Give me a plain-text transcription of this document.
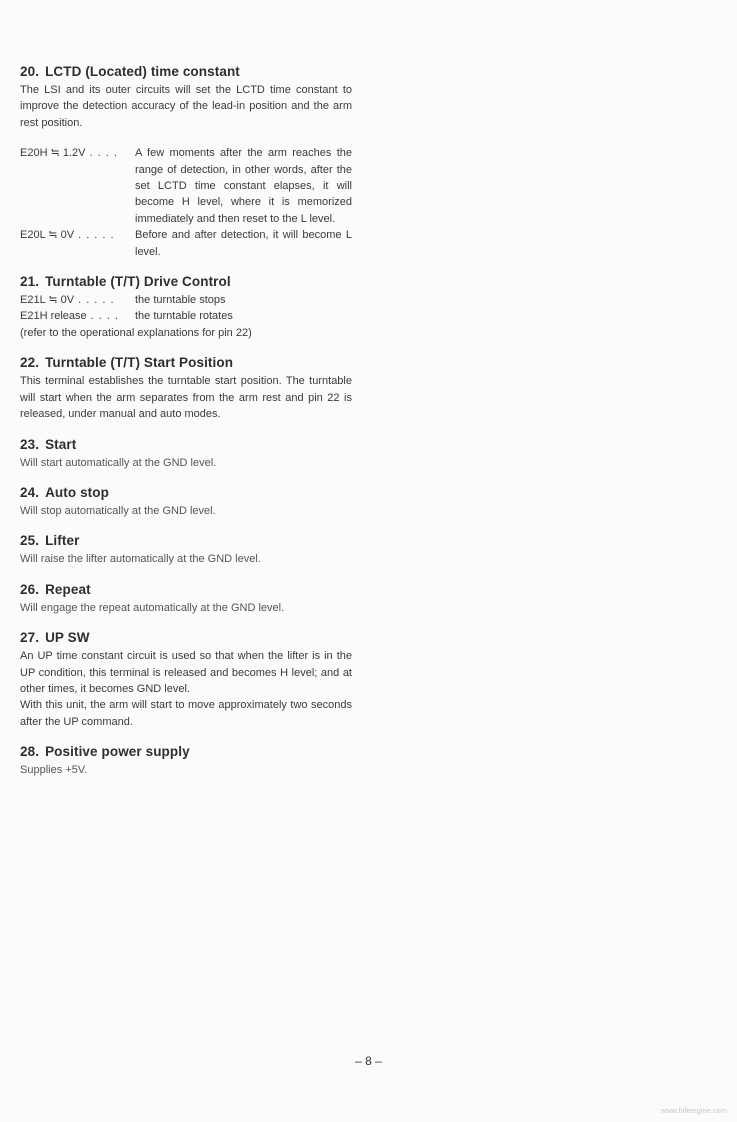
20. LCTD (Located) time constant

The LSI and its outer circuits will set the LCTD time constant to improve the detection accuracy of the lead-in position and the arm rest position.

E20H ≒ 1.2V . . . .	A few moments after the arm reaches the range of detection, in other words, after the set LCTD time constant elapses, it will become H level, where it is memorized immediately and then reset to the L level.
E20L ≒ 0V . . . . .	Before and after detection, it will become L level.
21. Turntable (T/T) Drive Control
E21L ≒ 0V . . . . .	the turntable stops
E21H release . . . .	the turntable rotates

(refer to the operational explanations for pin 22)

22. Turntable (T/T) Start Position

This terminal establishes the turntable start position. The turntable will start when the arm separates from the arm rest and pin 22 is released, under manual and auto modes.

23. Start

Will start automatically at the GND level.

24. Auto stop

Will stop automatically at the GND level.

25. Lifter

Will raise the lifter automatically at the GND level.

26. Repeat

Will engage the repeat automatically at the GND level.

27. UP SW

An UP time constant circuit is used so that when the lifter is in the UP condition, this terminal is released and becomes H level; and at other times, it becomes GND level.

With this unit, the arm will start to move approximately two seconds after the UP command.

28. Positive power supply

Supplies +5V.

– 8 –
www.hifiengine.com
